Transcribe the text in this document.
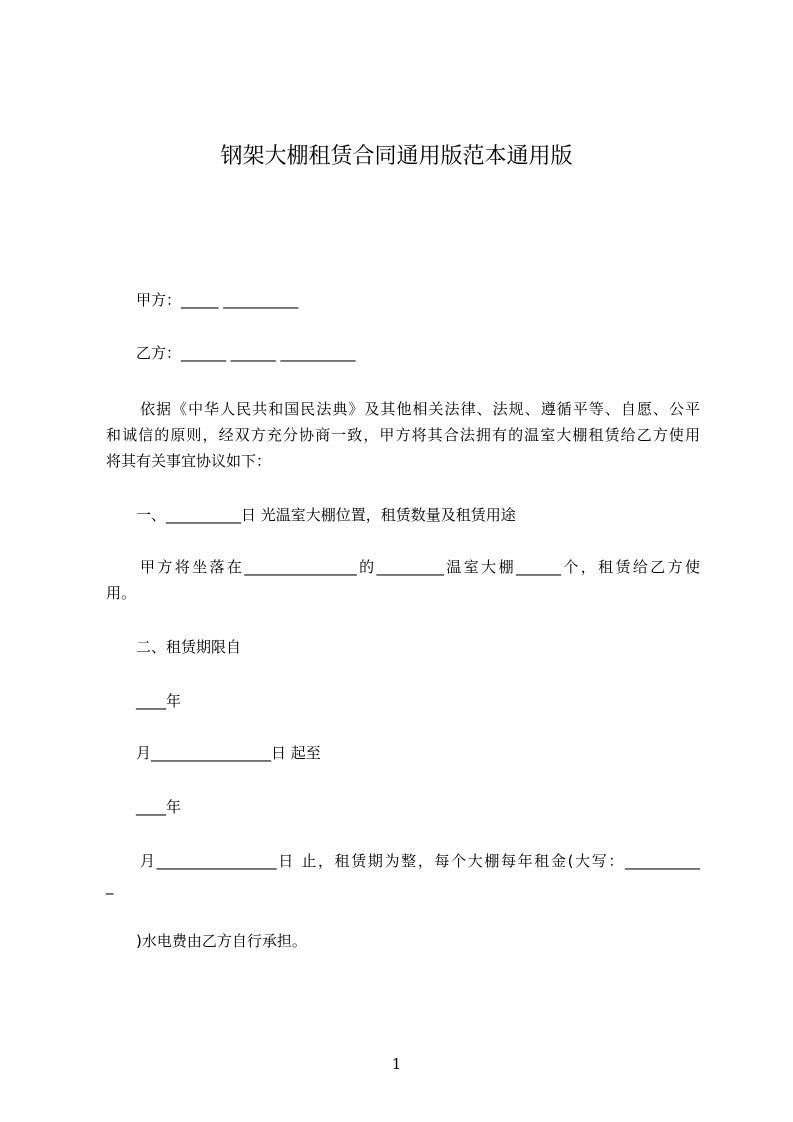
钢架大棚租赁合同通用版范本通用版
甲方：_____ __________
乙方：______ ______ __________
依据《中华人民共和国民法典》及其他相关法律、法规、遵循平等、自愿、公平
和诚信的原则，经双方充分协商一致，甲方将其合法拥有的温室大棚租赁给乙方使用
将其有关事宜协议如下：
一、__________日 光温室大棚位置，租赁数量及租赁用途
甲方将坐落在_______________的_________温室大棚______个，租赁给乙方使
用。
二、租赁期限自
____年
月________________日 起至
____年
月________________日 止，租赁期为整，每个大棚每年租金(大写：__________
_
)水电费由乙方自行承担。
1
